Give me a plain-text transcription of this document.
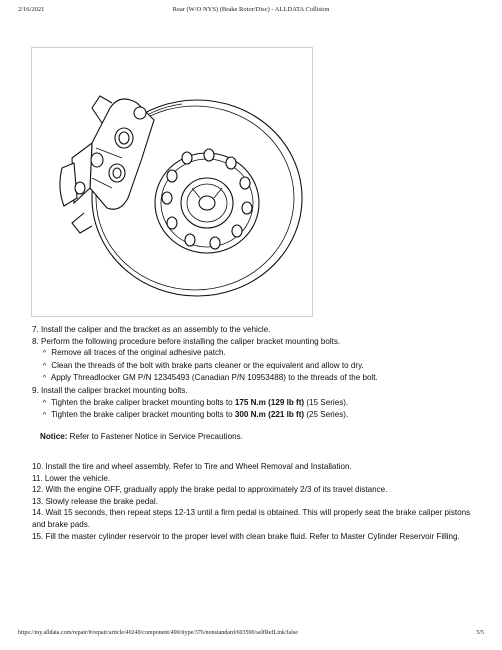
2/16/2021	Rear (W/O NYS) (Brake Rotor/Disc) - ALLDATA Collision
7. Install the caliper and the bracket as an assembly to the vehicle.
8. Perform the following procedure before installing the caliper bracket mounting bolts.
^ Remove all traces of the original adhesive patch.
^ Clean the threads of the bolt with brake parts cleaner or the equivalent and allow to dry.
^ Apply Threadlocker GM P/N 12345493 (Canadian P/N 10953488) to the threads of the bolt.
9. Install the caliper bracket mounting bolts.
^ Tighten the brake caliper bracket mounting bolts to 175 N.m (129 lb ft) (15 Series).
^ Tighten the brake caliper bracket mounting bolts to 300 N.m (221 lb ft) (25 Series).
Notice: Refer to Fastener Notice in Service Precautions.
10. Install the tire and wheel assembly. Refer to Tire and Wheel Removal and Installation.
11. Lower the vehicle.
12. With the engine OFF, gradually apply the brake pedal to approximately 2/3 of its travel distance.
13. Slowly release the brake pedal.
14. Wait 15 seconds, then repeat steps 12-13 until a firm pedal is obtained. This will properly seat the brake caliper pistons and brake pads.
15. Fill the master cylinder reservoir to the proper level with clean brake fluid. Refer to Master Cylinder Reservoir Filling.
https://my.alldata.com/repair/#/repair/article/40240/component/490/itype/376/nonstandard/603590/selfRefLink/false	5/5
